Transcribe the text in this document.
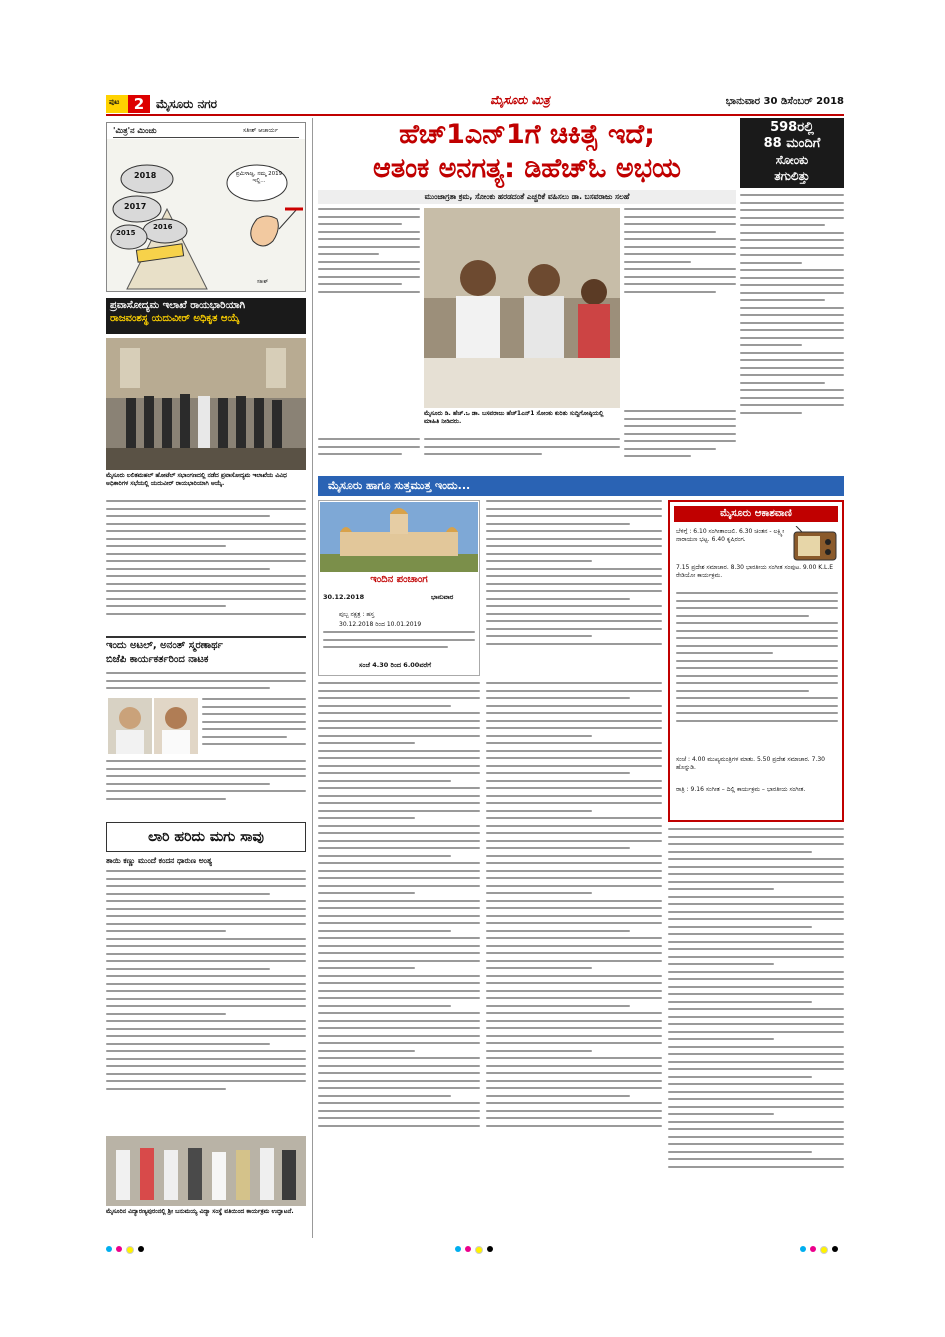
ಪುಟ 2 ಮೈಸೂರು ನಗರ	ಮೈಸೂರು ಮಿತ್ರ	ಭಾನುವಾರ 30 ಡಿಸೆಂಬರ್ 2018
'ಮಿತ್ರ'ನ ಮಿಂಚು	ಸತೀಶ್ ಆಚಾರ್ಯ
2018
2017
2015
2016
ಪ್ರಮಿಳಾಜ್ಜ, ನಮ್ಮ 2019 ಇಲ್ಲಿ...
ಸತೀಶ್
ಪ್ರವಾಸೋದ್ಯಮ ಇಲಾಖೆ ರಾಯಭಾರಿಯಾಗಿ
ರಾಜವಂಶಸ್ಥ ಯದುವೀರ್ ಅಧಿಕೃತ ಆಯ್ಕೆ
ಮೈಸೂರು ಲಲಿತಮಹಲ್ ಹೋಟೆಲ್ ಸಭಾಂಗಣದಲ್ಲಿ ನಡೆದ ಪ್ರವಾಸೋದ್ಯಮ ಇಲಾಖೆಯ ವಿವಿಧ ಅಧಿಕಾರಿಗಳ ಸಭೆಯಲ್ಲಿ ಯದುವೀರ್ ರಾಯಭಾರಿಯಾಗಿ ಆಯ್ಕೆ.
ಇಂದು ಅಟಲ್, ಅನಂತ್ ಸ್ಮರಣಾರ್ಥ
ಬಿಜೆಪಿ ಕಾರ್ಯಕರ್ತರಿಂದ ನಾಟಕ
ಲಾರಿ ಹರಿದು ಮಗು ಸಾವು
ತಾಯಿ ಕಣ್ಣು ಮುಂದೆ ಕಂದನ ಧಾರುಣ ಅಂತ್ಯ
ಮೈಸೂರಿನ ವಿದ್ಯಾರಣ್ಯಪುರಂನಲ್ಲಿ ಶ್ರೀ ಬನುಮಯ್ಯ ವಿದ್ಯಾ ಸಂಸ್ಥೆ ವತಿಯಿಂದ ಕಾರ್ಯಕ್ರಮ ಉದ್ಘಾಟನೆ.
ಹೆಚ್1ಎನ್1ಗೆ ಚಿಕಿತ್ಸೆ ಇದೆ;
ಆತಂಕ ಅನಗತ್ಯ: ಡಿಹೆಚ್‌ಓ ಅಭಯ
ಮುಂಜಾಗ್ರತಾ ಕ್ರಮ, ಸೋಂಕು ಹರಡದಂತೆ ಎಚ್ಚರಿಕೆ ವಹಿಸಲು ಡಾ. ಬಸವರಾಜು ಸಲಹೆ
ಮೈಸೂರು ಡಿ. ಹೆಚ್.ಒ ಡಾ. ಬಸವರಾಜು ಹೆಚ್1ಎನ್1 ಸೋಂಕು ಕುರಿತು ಸುದ್ದಿಗೋಷ್ಠಿಯಲ್ಲಿ ಮಾಹಿತಿ ನೀಡಿದರು.
598ರಲ್ಲಿ
88 ಮಂದಿಗೆ
ಸೋಂಕು
ತಗುಲಿತ್ತು
ಮೈಸೂರು ಹಾಗೂ ಸುತ್ತಮುತ್ತ ಇಂದು...
ಇಂದಿನ ಪಂಚಾಂಗ
30.12.2018	ಭಾನುವಾರ
ಪುಬ್ಬ ನಕ್ಷತ್ರ : ಹಸ್ತ
30.12.2018 ರಿಂದ 10.01.2019
ಸಂಜೆ 4.30 ರಿಂದ 6.00ವರೆಗೆ
ಮೈಸೂರು ಆಕಾಶವಾಣಿ
ಬೆಳಿಗ್ಗೆ : 6.10 ಸಂಗೀತಾಂಜಲಿ. 6.30 ಚಿಂತನ - ಲಕ್ಷ್ಮೀ ನಾರಾಯಣ ಭಟ್ಟ. 6.40 ಕೃಷಿರಂಗ.
7.15 ಪ್ರದೇಶ ಸಮಾಚಾರ. 8.30 ಭಾರತೀಯ ಸಂಗೀತ ಸಂಪುಟ. 9.00 K.L.E ರೇಡಿಯೋ ಕಾರ್ಯಕ್ರಮ.
ಸಂಜೆ : 4.00 ಮುಖ್ಯಮಂತ್ರಿಗಳ ಮಾತು. 5.50 ಪ್ರದೇಶ ಸಮಾಚಾರ. 7.30 ಹೊನ್ನುಡಿ.
ರಾತ್ರಿ : 9.16 ಸಂಗೀತ – ದಿಲ್ಲಿ ಕಾರ್ಯಕ್ರಮ – ಭಾರತೀಯ ಸಂಗೀತ.
